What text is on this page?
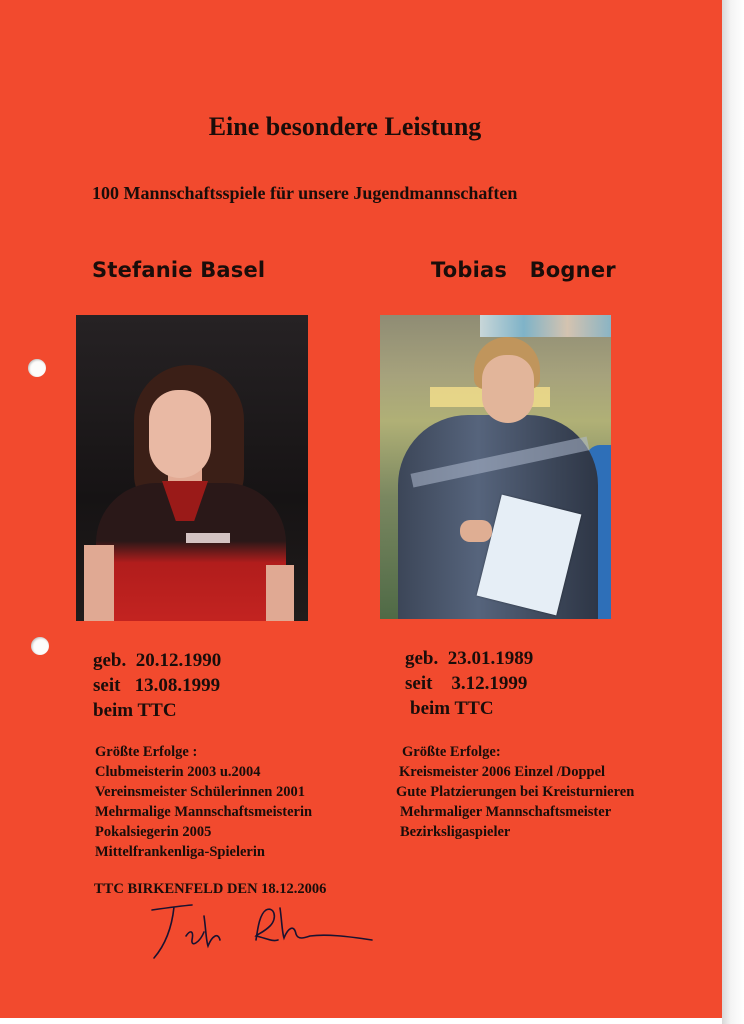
Eine besondere Leistung
100 Mannschaftsspiele für unsere Jugendmannschaften
Stefanie Basel	Tobias   Bogner
geb.  20.12.1990
seit   13.08.1999
beim TTC
Größte Erfolge :
Clubmeisterin 2003 u.2004
Vereinsmeister Schülerinnen 2001
Mehrmalige Mannschaftsmeisterin
Pokalsiegerin 2005
Mittelfrankenliga-Spielerin
geb.  23.01.1989
seit    3.12.1999
beim TTC
Größte Erfolge:
Kreismeister 2006 Einzel /Doppel
Gute Platzierungen bei Kreisturnieren
Mehrmaliger Mannschaftsmeister
Bezirksligaspieler
TTC BIRKENFELD DEN 18.12.2006
